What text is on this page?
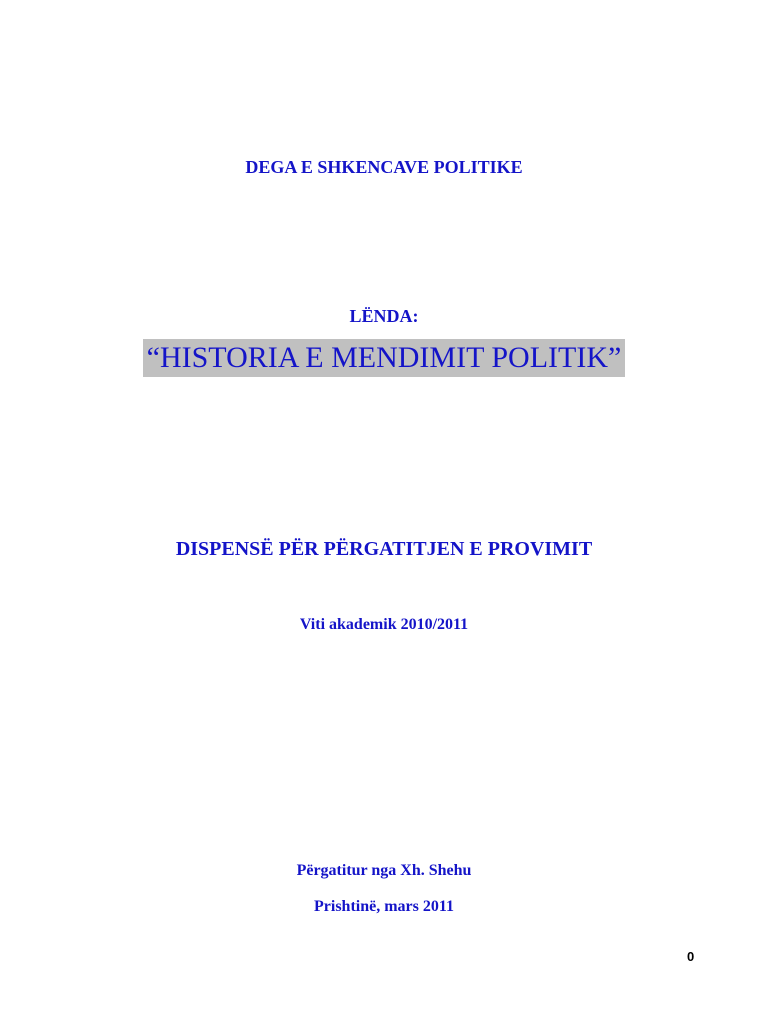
DEGA E SHKENCAVE POLITIKE
LËNDA:
“HISTORIA E MENDIMIT POLITIK”
DISPENSË PËR PËRGATITJEN E PROVIMIT
Viti akademik 2010/2011
Përgatitur nga Xh. Shehu
Prishtinë, mars 2011
0
